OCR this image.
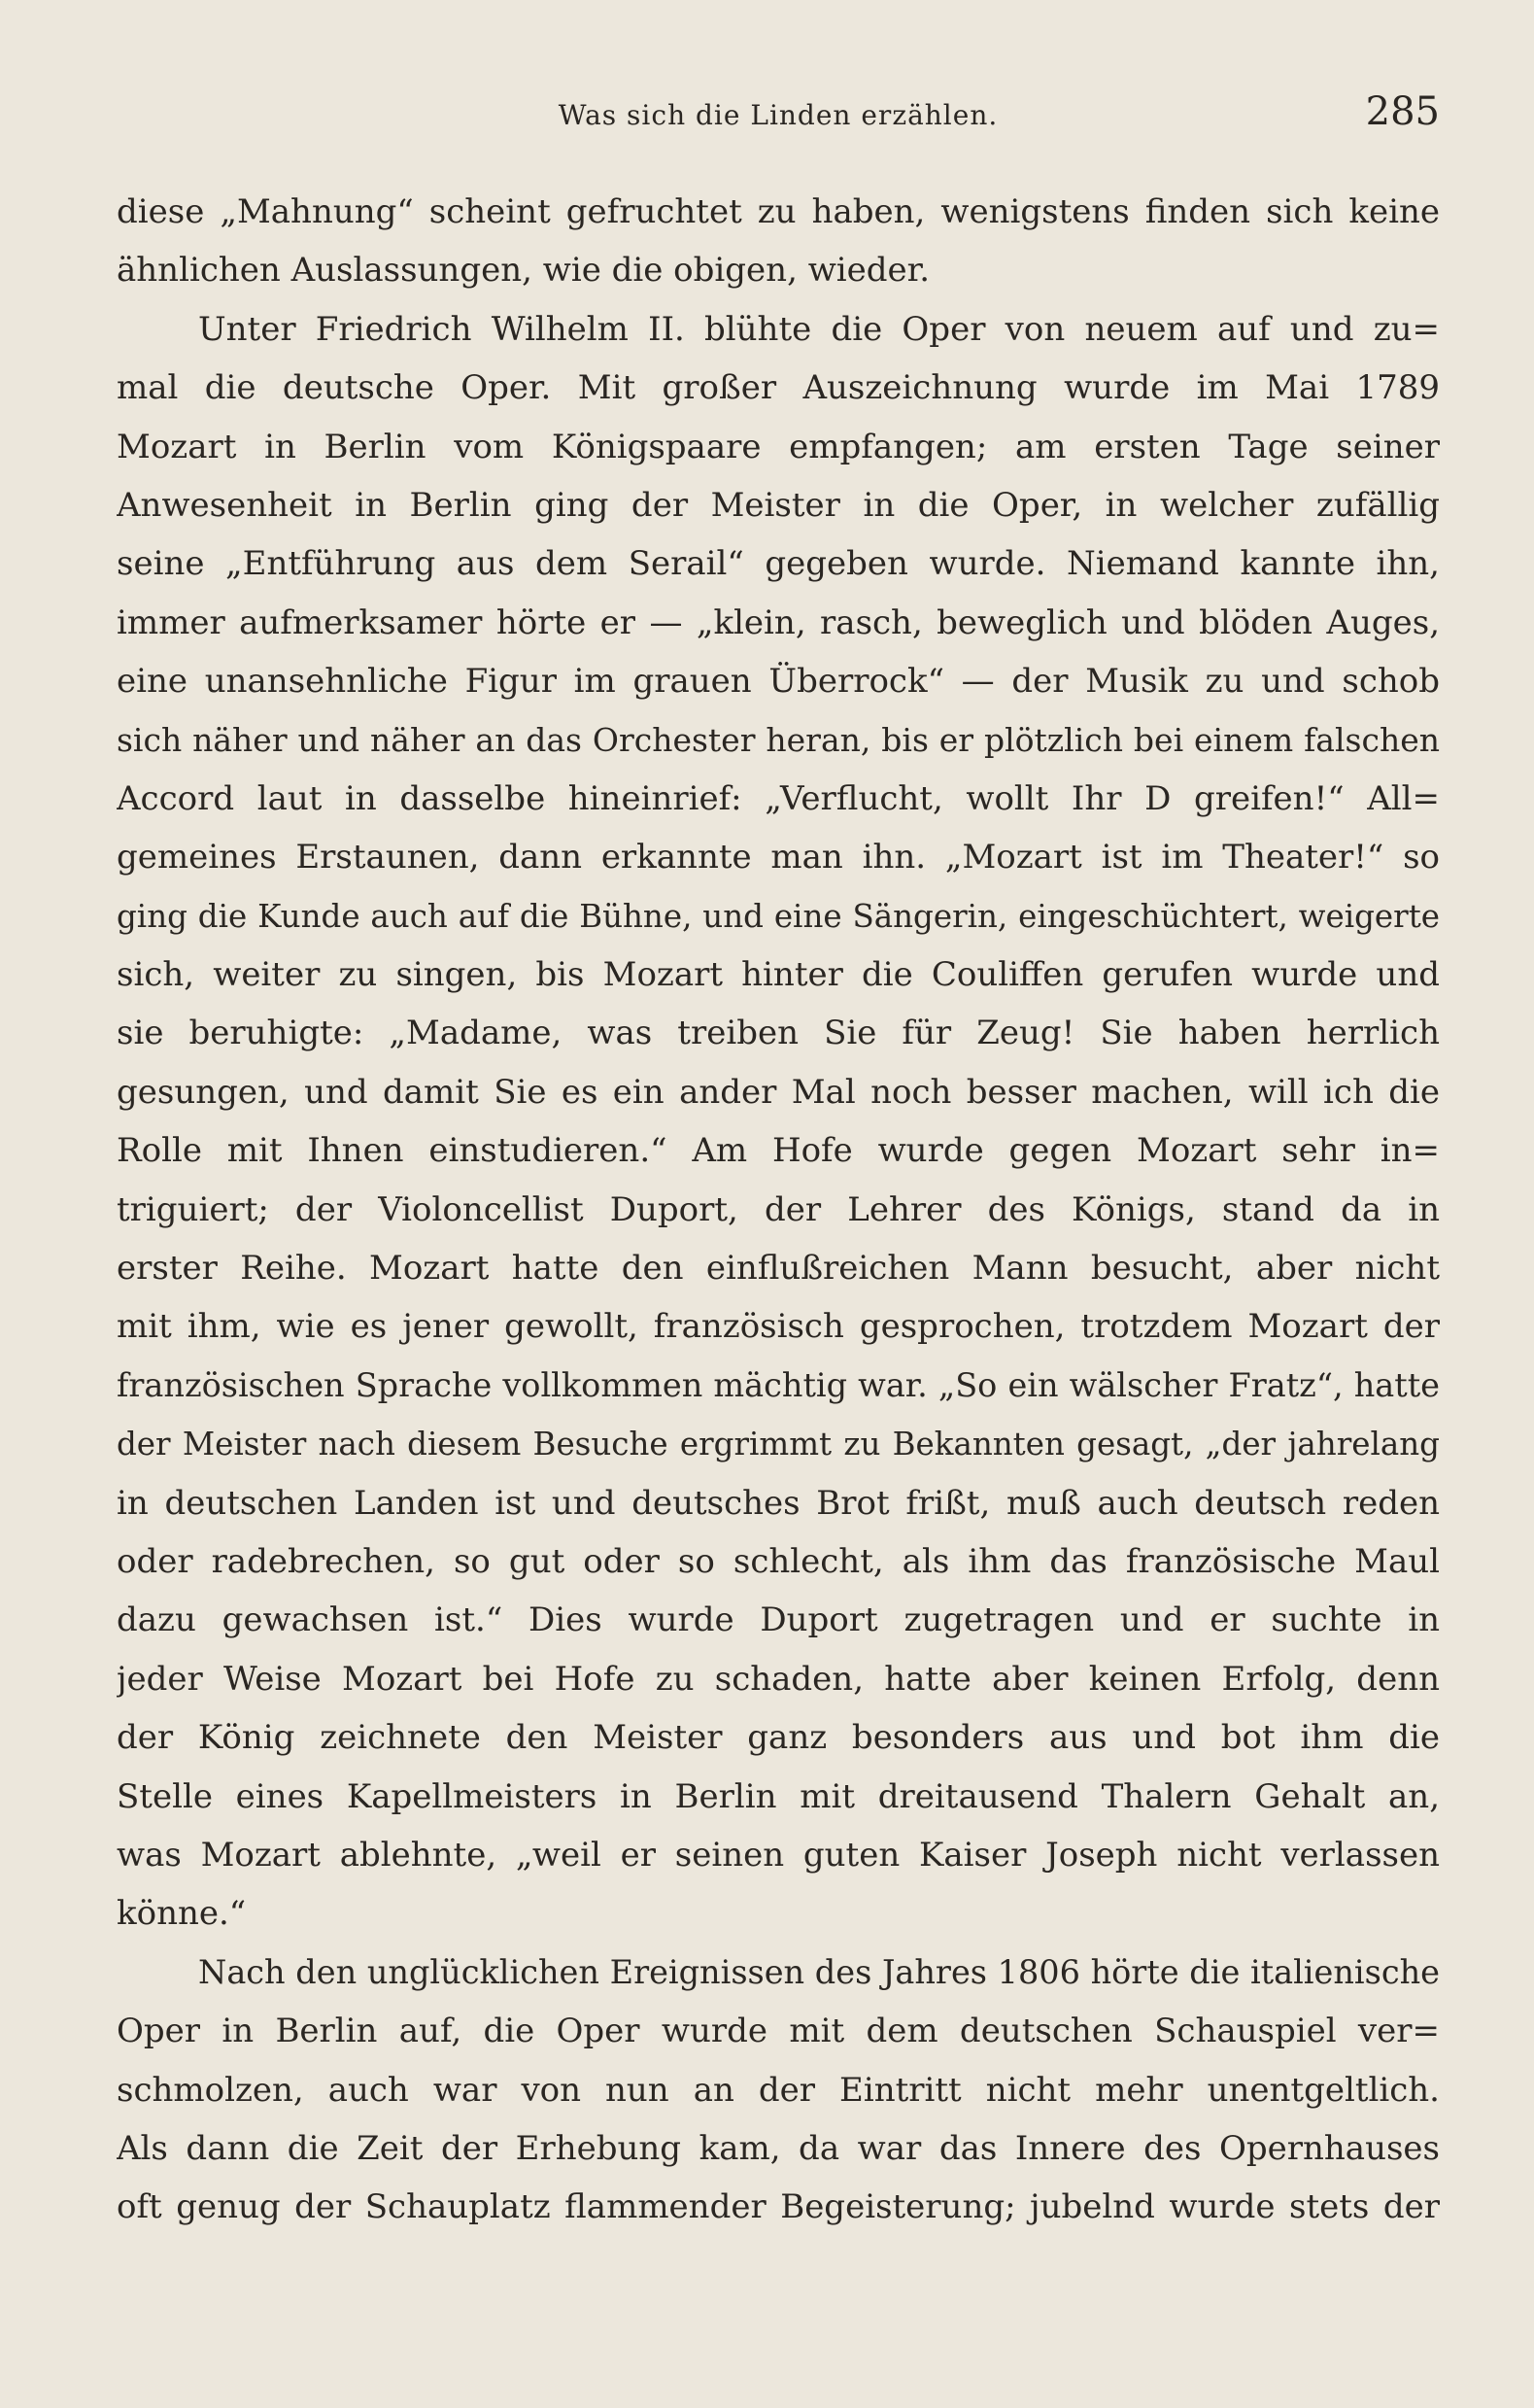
Was sich die Linden erzählen.	285
diese „Mahnung“ scheint gefruchtet zu haben, wenigstens finden sich keine
ähnlichen Auslassungen, wie die obigen, wieder.
Unter Friedrich Wilhelm II. blühte die Oper von neuem auf und zu=
mal die deutsche Oper. Mit großer Auszeichnung wurde im Mai 1789
Mozart in Berlin vom Königspaare empfangen; am ersten Tage seiner
Anwesenheit in Berlin ging der Meister in die Oper, in welcher zufällig
seine „Entführung aus dem Serail“ gegeben wurde. Niemand kannte ihn,
immer aufmerksamer hörte er — „klein, rasch, beweglich und blöden Auges,
eine unansehnliche Figur im grauen Überrock“ — der Musik zu und schob
sich näher und näher an das Orchester heran, bis er plötzlich bei einem falschen
Accord laut in dasselbe hineinrief: „Verflucht, wollt Ihr D greifen!“ All=
gemeines Erstaunen, dann erkannte man ihn. „Mozart ist im Theater!“ so
ging die Kunde auch auf die Bühne, und eine Sängerin, eingeschüchtert, weigerte
sich, weiter zu singen, bis Mozart hinter die Couliffen gerufen wurde und
sie beruhigte: „Madame, was treiben Sie für Zeug! Sie haben herrlich
gesungen, und damit Sie es ein ander Mal noch besser machen, will ich die
Rolle mit Ihnen einstudieren.“ Am Hofe wurde gegen Mozart sehr in=
triguiert; der Violoncellist Duport, der Lehrer des Königs, stand da in
erster Reihe. Mozart hatte den einflußreichen Mann besucht, aber nicht
mit ihm, wie es jener gewollt, französisch gesprochen, trotzdem Mozart der
französischen Sprache vollkommen mächtig war. „So ein wälscher Fratz“, hatte
der Meister nach diesem Besuche ergrimmt zu Bekannten gesagt, „der jahrelang
in deutschen Landen ist und deutsches Brot frißt, muß auch deutsch reden
oder radebrechen, so gut oder so schlecht, als ihm das französische Maul
dazu gewachsen ist.“ Dies wurde Duport zugetragen und er suchte in
jeder Weise Mozart bei Hofe zu schaden, hatte aber keinen Erfolg, denn
der König zeichnete den Meister ganz besonders aus und bot ihm die
Stelle eines Kapellmeisters in Berlin mit dreitausend Thalern Gehalt an,
was Mozart ablehnte, „weil er seinen guten Kaiser Joseph nicht verlassen
könne.“
Nach den unglücklichen Ereignissen des Jahres 1806 hörte die italienische
Oper in Berlin auf, die Oper wurde mit dem deutschen Schauspiel ver=
schmolzen, auch war von nun an der Eintritt nicht mehr unentgeltlich.
Als dann die Zeit der Erhebung kam, da war das Innere des Opernhauses
oft genug der Schauplatz flammender Begeisterung; jubelnd wurde stets der
